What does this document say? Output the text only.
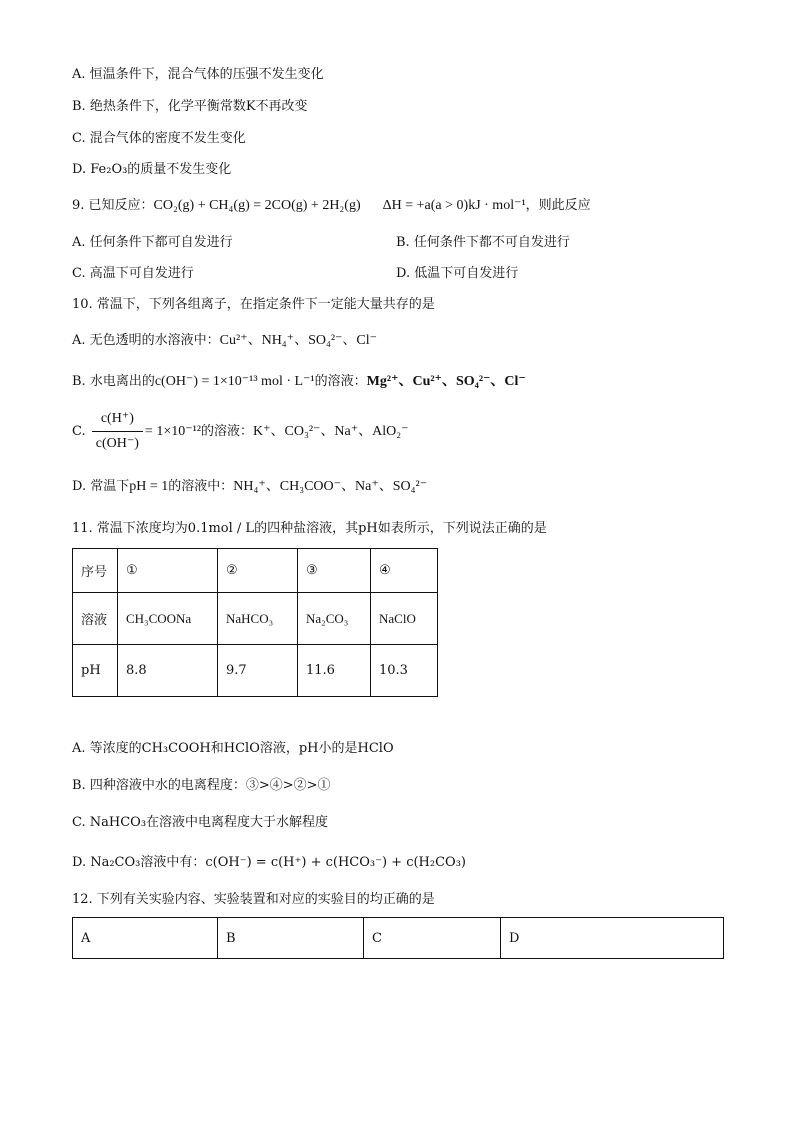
A. 恒温条件下，混合气体的压强不发生变化
B. 绝热条件下，化学平衡常数K不再改变
C. 混合气体的密度不发生变化
D. Fe₂O₃的质量不发生变化
9. 已知反应：CO₂(g) + CH₄(g) = 2CO(g) + 2H₂(g) ΔH = +a(a > 0)kJ · mol⁻¹，则此反应
A. 任何条件下都可自发进行	B. 任何条件下都不可自发进行
C. 高温下可自发进行	D. 低温下可自发进行
10. 常温下，下列各组离子，在指定条件下一定能大量共存的是
A. 无色透明的水溶液中：Cu²⁺、NH₄⁺、SO₄²⁻、Cl⁻
B. 水电离出的c(OH⁻) = 1×10⁻¹³ mol · L⁻¹的溶液：Mg²⁺、Cu²⁺、SO₄²⁻、Cl⁻
C. $\frac{c(H^+)}{c(OH^-)} = 1\times 10^{-12}$的溶液：K⁺、CO₃²⁻、Na⁺、AlO₂⁻
D. 常温下pH = 1的溶液中：NH₄⁺、CH₃COO⁻、Na⁺、SO₄²⁻
11. 常温下浓度均为0.1mol / L的四种盐溶液，其pH如表所示，下列说法正确的是
序号	①	②	③	④
溶液	CH₃COONa	NaHCO₃	Na₂CO₃	NaClO
pH	8.8	9.7	11.6	10.3
A. 等浓度的CH₃COOH和HClO溶液，pH小的是HClO
B. 四种溶液中水的电离程度：③>④>②>①
C. NaHCO₃在溶液中电离程度大于水解程度
D. Na₂CO₃溶液中有：c(OH⁻) = c(H⁺) + c(HCO₃⁻) + c(H₂CO₃)
12. 下列有关实验内容、实验装置和对应的实验目的均正确的是
A	B	C	D
